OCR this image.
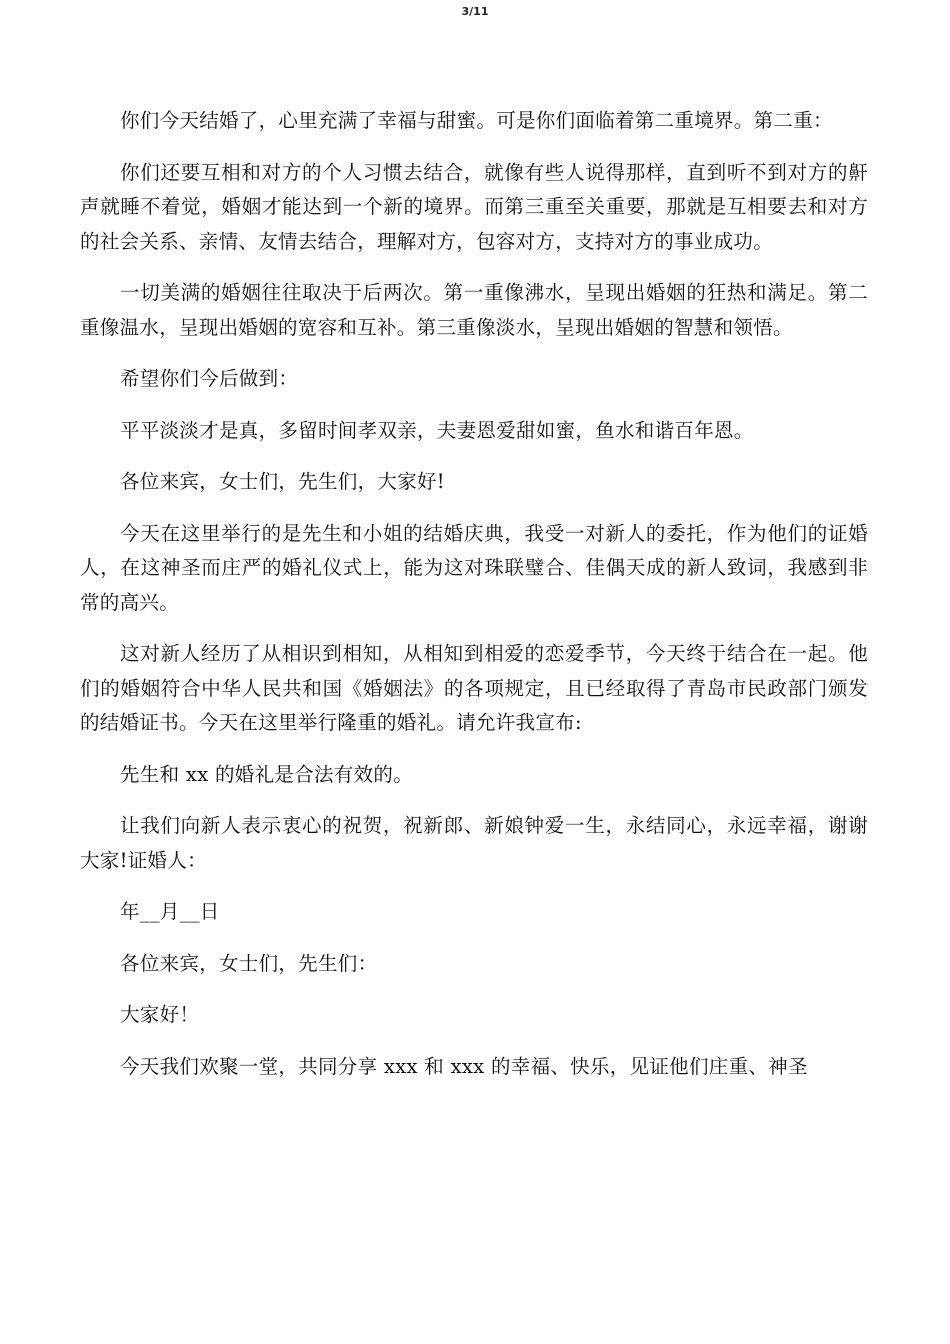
3/11

你们今天结婚了，心里充满了幸福与甜蜜。可是你们面临着第二重境界。第二重：

你们还要互相和对方的个人习惯去结合，就像有些人说得那样，直到听不到对方的鼾声就睡不着觉，婚姻才能达到一个新的境界。而第三重至关重要，那就是互相要去和对方的社会关系、亲情、友情去结合，理解对方，包容对方，支持对方的事业成功。

一切美满的婚姻往往取决于后两次。第一重像沸水，呈现出婚姻的狂热和满足。第二重像温水，呈现出婚姻的宽容和互补。第三重像淡水，呈现出婚姻的智慧和领悟。

希望你们今后做到：

平平淡淡才是真，多留时间孝双亲，夫妻恩爱甜如蜜，鱼水和谐百年恩。

各位来宾，女士们，先生们，大家好!

今天在这里举行的是先生和小姐的结婚庆典，我受一对新人的委托，作为他们的证婚人，在这神圣而庄严的婚礼仪式上，能为这对珠联璧合、佳偶天成的新人致词，我感到非常的高兴。

这对新人经历了从相识到相知，从相知到相爱的恋爱季节，今天终于结合在一起。他们的婚姻符合中华人民共和国《婚姻法》的各项规定，且已经取得了青岛市民政部门颁发的结婚证书。今天在这里举行隆重的婚礼。请允许我宣布:

先生和 xx 的婚礼是合法有效的。

让我们向新人表示衷心的祝贺，祝新郎、新娘钟爱一生，永结同心，永远幸福，谢谢大家!证婚人：

年__月__日

各位来宾，女士们，先生们：

大家好！

今天我们欢聚一堂，共同分享 xxx 和 xxx 的幸福、快乐，见证他们庄重、神圣
